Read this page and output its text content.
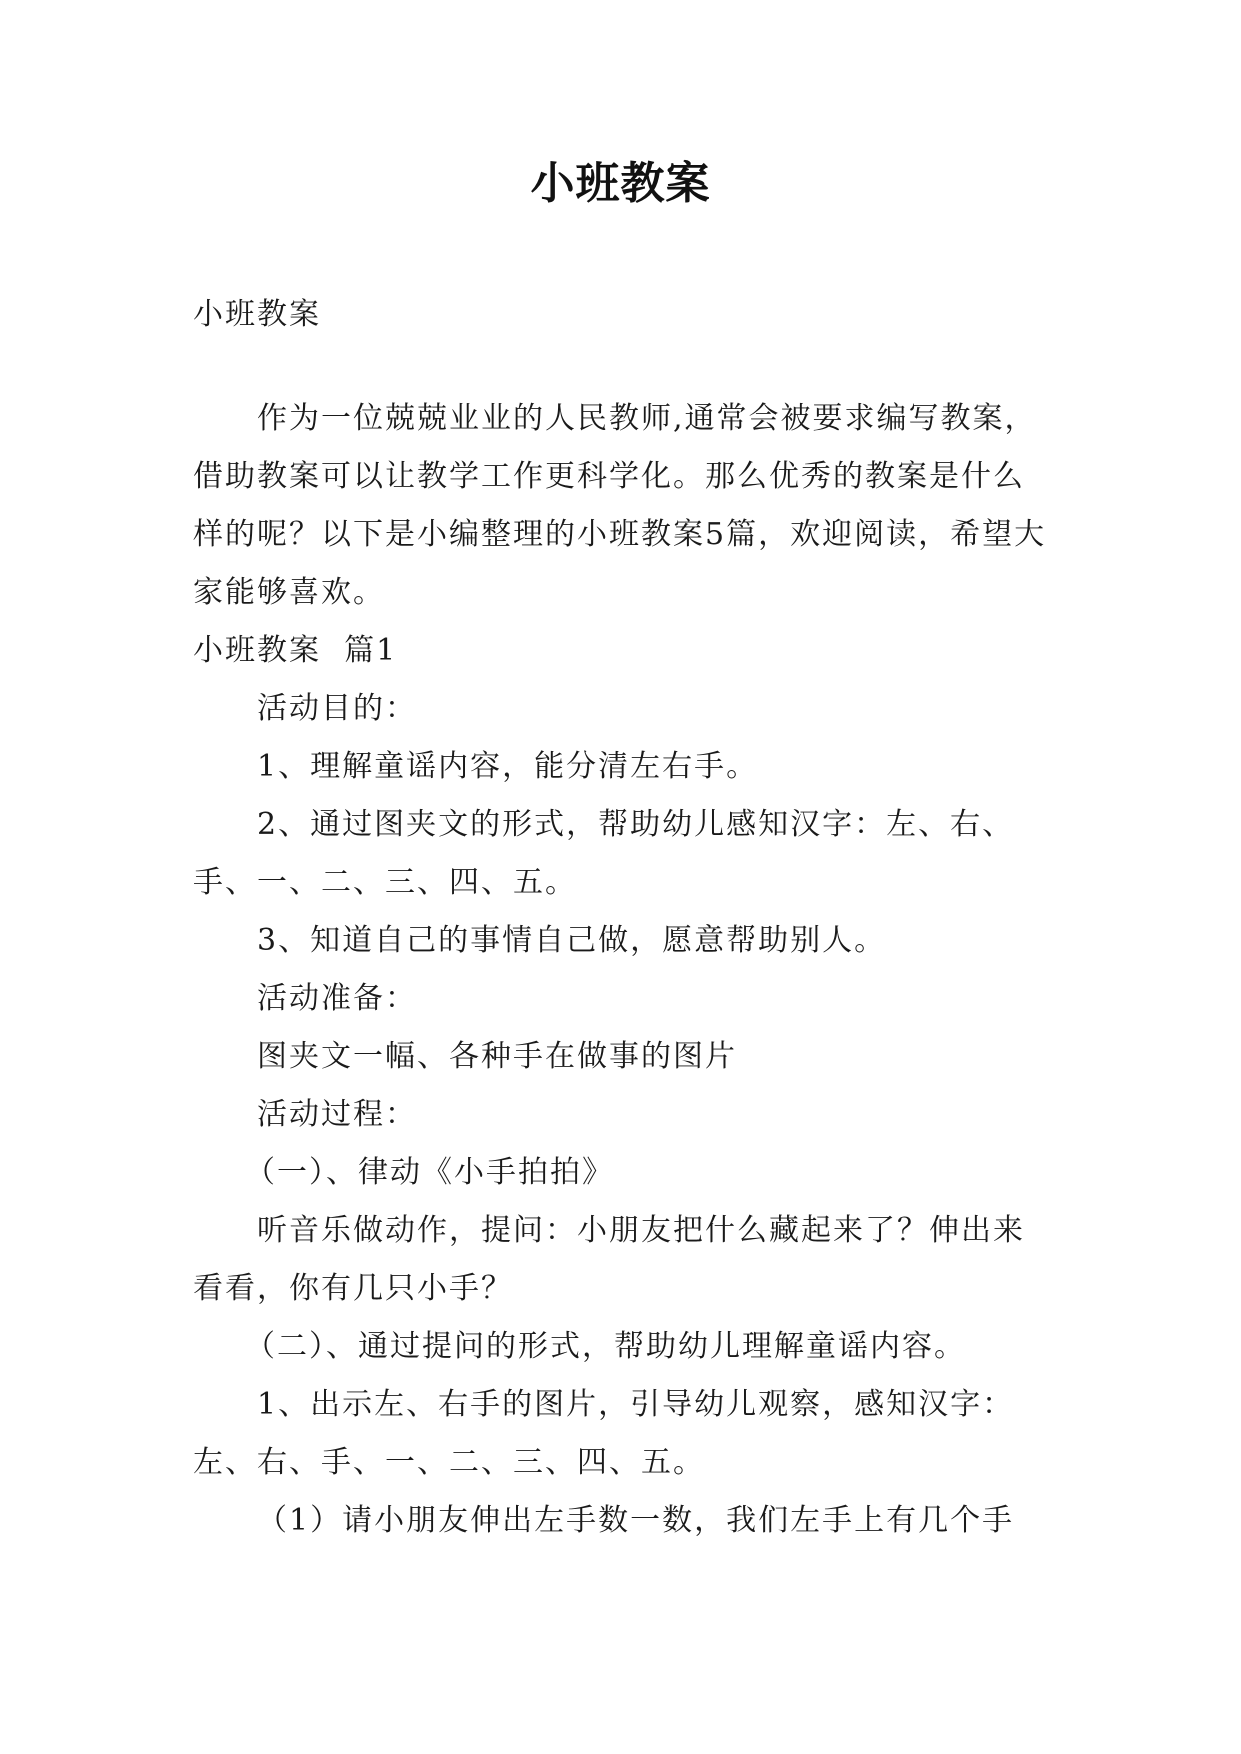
小班教案
小班教案
作为一位兢兢业业的人民教师,通常会被要求编写教案，借助教案可以让教学工作更科学化。那么优秀的教案是什么样的呢？以下是小编整理的小班教案5篇，欢迎阅读，希望大家能够喜欢。
小班教案  篇1
活动目的：
1、理解童谣内容，能分清左右手。
2、通过图夹文的形式，帮助幼儿感知汉字：左、右、手、一、二、三、四、五。
3、知道自己的事情自己做，愿意帮助别人。
活动准备：
图夹文一幅、各种手在做事的图片
活动过程：
（一）、律动《小手拍拍》
听音乐做动作，提问：小朋友把什么藏起来了？伸出来看看，你有几只小手？
（二）、通过提问的形式，帮助幼儿理解童谣内容。
1、出示左、右手的图片，引导幼儿观察，感知汉字：左、右、手、一、二、三、四、五。
（1）请小朋友伸出左手数一数，我们左手上有几个手
